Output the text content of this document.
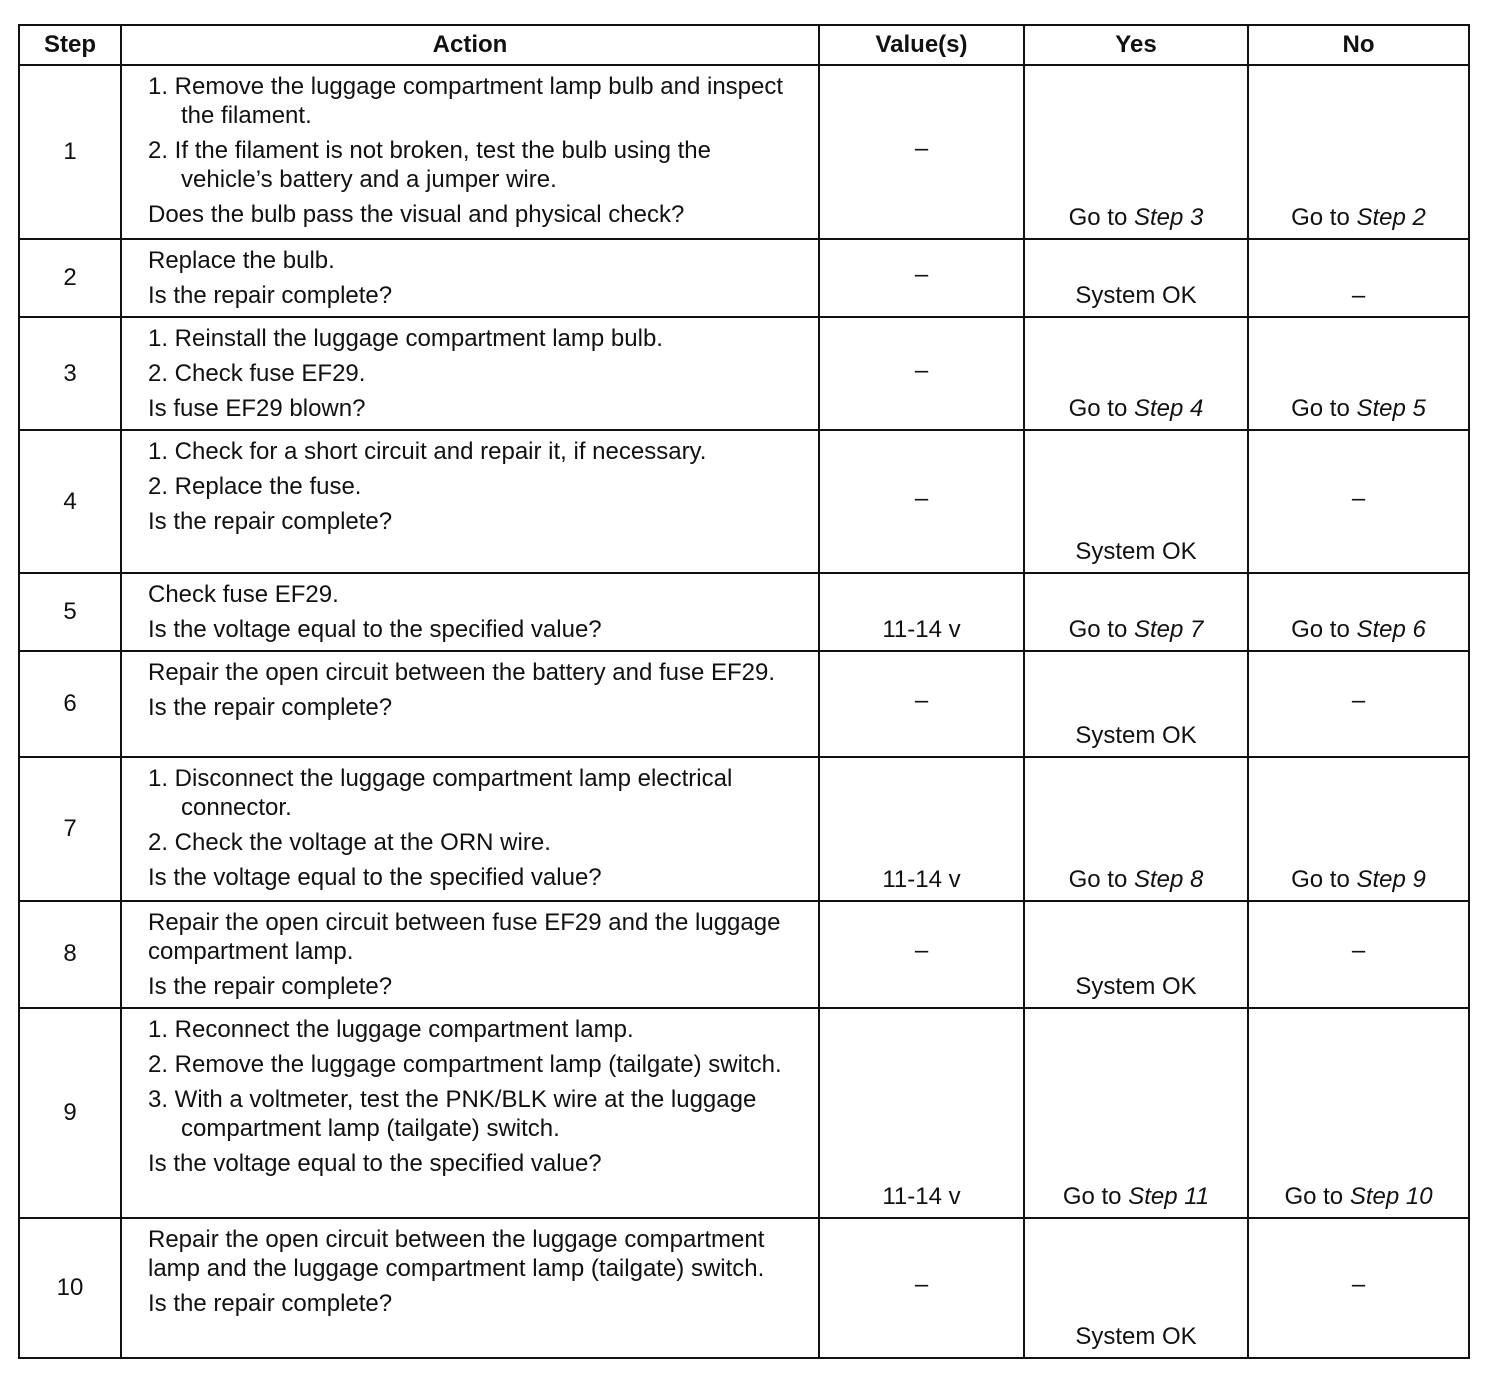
Step	Action	Value(s)	Yes	No
1	1. Remove the luggage compartment lamp bulb and inspect the filament.
2. If the filament is not broken, test the bulb using the vehicle’s battery and a jumper wire.
Does the bulb pass the visual and physical check?	–	Go to Step 3	Go to Step 2

2	Replace the bulb.
Is the repair complete?	–	System OK	–

3	1. Reinstall the luggage compartment lamp bulb.
2. Check fuse EF29.
Is fuse EF29 blown?	–	Go to Step 4	Go to Step 5

4	1. Check for a short circuit and repair it, if necessary.
2. Replace the fuse.
Is the repair complete?	–	System OK	–

5	Check fuse EF29.
Is the voltage equal to the specified value?	11-14 v	Go to Step 7	Go to Step 6

6	Repair the open circuit between the battery and fuse EF29.
Is the repair complete?	–	System OK	–

7	1. Disconnect the luggage compartment lamp electrical connector.
2. Check the voltage at the ORN wire.
Is the voltage equal to the specified value?	11-14 v	Go to Step 8	Go to Step 9

8	Repair the open circuit between fuse EF29 and the luggage compartment lamp.
Is the repair complete?	–	System OK	–

9	1. Reconnect the luggage compartment lamp.
2. Remove the luggage compartment lamp (tailgate) switch.
3. With a voltmeter, test the PNK/BLK wire at the luggage compartment lamp (tailgate) switch.
Is the voltage equal to the specified value?	11-14 v	Go to Step 11	Go to Step 10

10	Repair the open circuit between the luggage compartment lamp and the luggage compartment lamp (tailgate) switch.
Is the repair complete?	–	System OK	–
